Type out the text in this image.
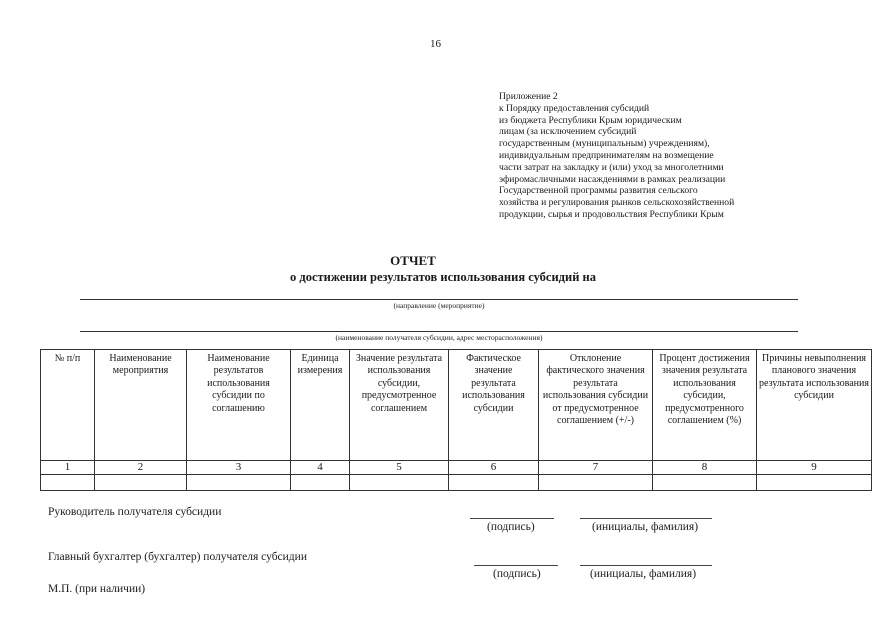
16
Приложение 2
к Порядку предоставления субсидий
из бюджета Республики Крым юридическим
лицам (за исключением субсидий
государственным (муниципальным) учреждениям),
индивидуальным предпринимателям на возмещение
части затрат на закладку и (или) уход за многолетними
эфиромасличными насаждениями в рамках реализации
Государственной программы развития сельского
хозяйства и регулирования рынков сельскохозяйственной
продукции, сырья и продовольствия Республики Крым
ОТЧЕТ
о достижении результатов использования субсидий на
(направление (мероприятие)
(наименование получателя субсидии, адрес месторасположения)
№ п/п	Наименование мероприятия	Наименование результатов использования субсидии по соглашению	Единица измерения	Значение результата использования субсидии, предусмотренное соглашением	Фактическое значение результата использования субсидии	Отклонение фактического значения результата использования субсидии от предусмотренное соглашением (+/-)	Процент достижения значения результата использования субсидии, предусмотренного соглашением (%)	Причины невыполнения планового значения результата использования субсидии
1	2	3	4	5	6	7	8	9

Руководитель получателя субсидии
(подпись)	(инициалы, фамилия)
Главный бухгалтер (бухгалтер) получателя субсидии
(подпись)	(инициалы, фамилия)
М.П. (при наличии)
